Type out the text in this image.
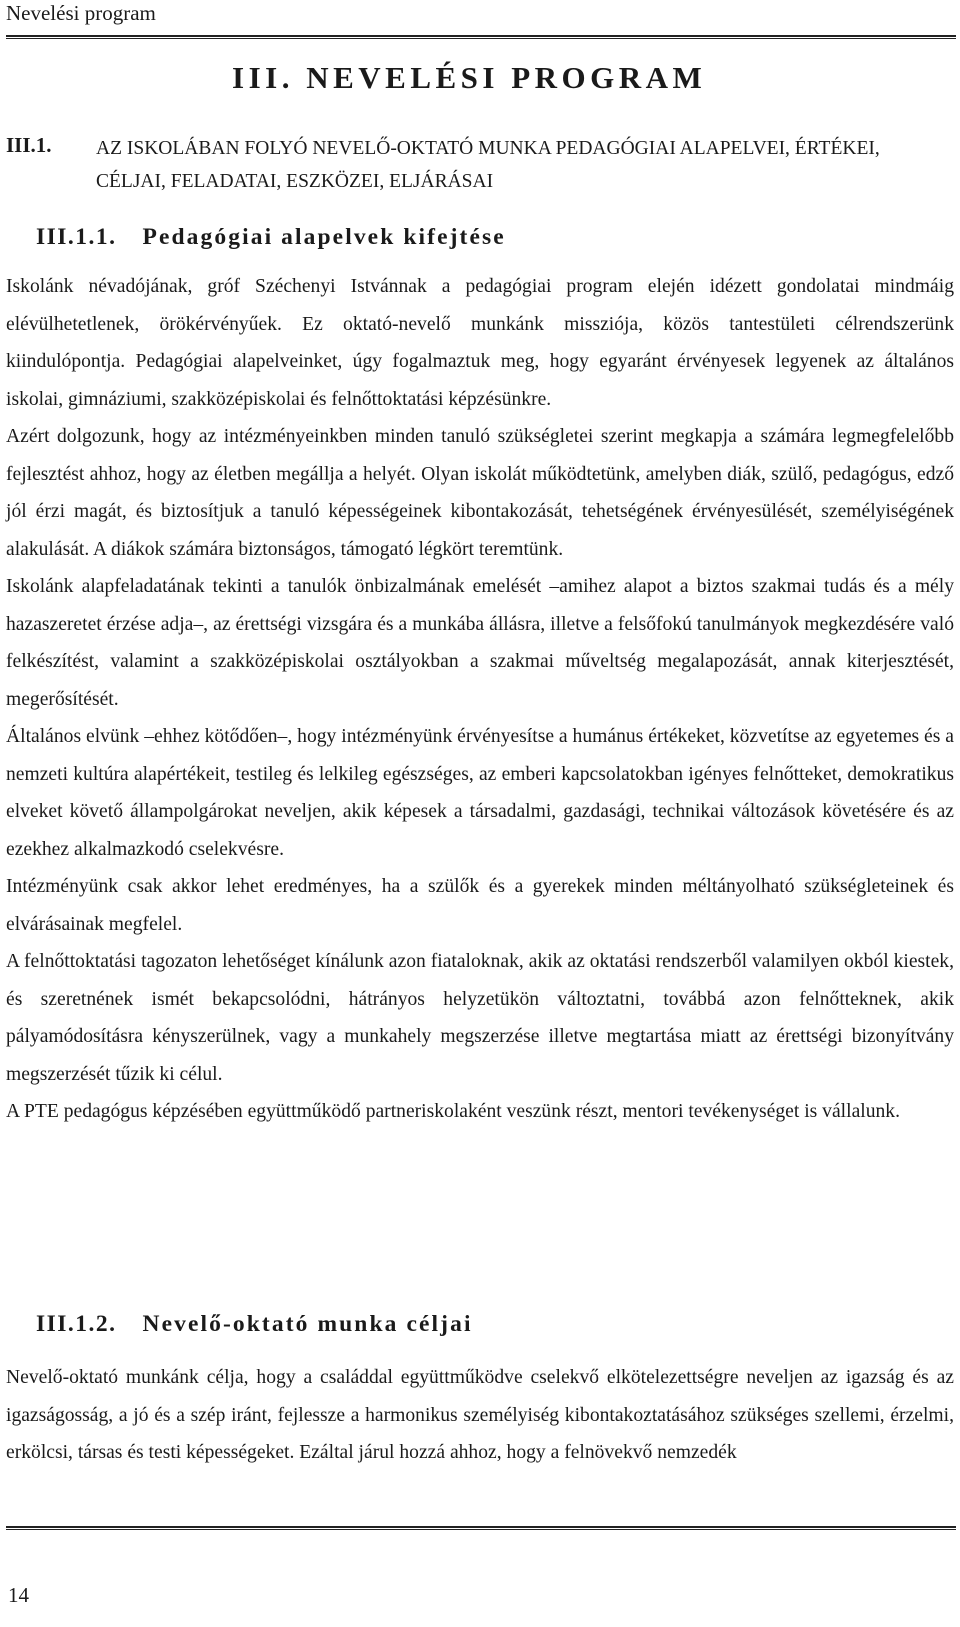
Nevelési program
III. NEVELÉSI PROGRAM
III.1. AZ ISKOLÁBAN FOLYÓ NEVELŐ-OKTATÓ MUNKA PEDAGÓGIAI ALAPELVEI, ÉRTÉKEI, CÉLJAI, FELADATAI, ESZKÖZEI, ELJÁRÁSAI
III.1.1. Pedagógiai alapelvek kifejtése

Iskolánk névadójának, gróf Széchenyi Istvánnak a pedagógiai program elején idézett gondolatai mindmáig elévülhetetlenek, örökérvényűek. Ez oktató-nevelő munkánk missziója, közös tantestületi célrendszerünk kiindulópontja. Pedagógiai alapelveinket, úgy fogalmaztuk meg, hogy egyaránt érvényesek legyenek az általános iskolai, gimnáziumi, szakközépiskolai és felnőttoktatási képzésünkre.

Azért dolgozunk, hogy az intézményeinkben minden tanuló szükségletei szerint megkapja a számára legmegfelelőbb fejlesztést ahhoz, hogy az életben megállja a helyét. Olyan iskolát működtetünk, amelyben diák, szülő, pedagógus, edző jól érzi magát, és biztosítjuk a tanuló képességeinek kibontakozását, tehetségének érvényesülését, személyiségének alakulását. A diákok számára biztonságos, támogató légkört teremtünk.

Iskolánk alapfeladatának tekinti a tanulók önbizalmának emelését –amihez alapot a biztos szakmai tudás és a mély hazaszeretet érzése adja–, az érettségi vizsgára és a munkába állásra, illetve a felsőfokú tanulmányok megkezdésére való felkészítést, valamint a szakközépiskolai osztályokban a szakmai műveltség megalapozását, annak kiterjesztését, megerősítését.

Általános elvünk –ehhez kötődően–, hogy intézményünk érvényesítse a humánus értékeket, közvetítse az egyetemes és a nemzeti kultúra alapértékeit, testileg és lelkileg egészséges, az emberi kapcsolatokban igényes felnőtteket, demokratikus elveket követő állampolgárokat neveljen, akik képesek a társadalmi, gazdasági, technikai változások követésére és az ezekhez alkalmazkodó cselekvésre.

Intézményünk csak akkor lehet eredményes, ha a szülők és a gyerekek minden méltányolható szükségleteinek és elvárásainak megfelel.

A felnőttoktatási tagozaton lehetőséget kínálunk azon fiataloknak, akik az oktatási rendszerből valamilyen okból kiestek, és szeretnének ismét bekapcsolódni, hátrányos helyzetükön változtatni, továbbá azon felnőtteknek, akik pályamódosításra kényszerülnek, vagy a munkahely megszerzése illetve megtartása miatt az érettségi bizonyítvány megszerzését tűzik ki célul.

A PTE pedagógus képzésében együttműködő partneriskolaként veszünk részt, mentori tevékenységet is vállalunk.

III.1.2. Nevelő-oktató munka céljai

Nevelő-oktató munkánk célja, hogy a családdal együttműködve cselekvő elkötelezettségre neveljen az igazság és az igazságosság, a jó és a szép iránt, fejlessze a harmonikus személyiség kibontakoztatásához szükséges szellemi, érzelmi, erkölcsi, társas és testi képességeket. Ezáltal járul hozzá ahhoz, hogy a felnövekvő nemzedék

14
